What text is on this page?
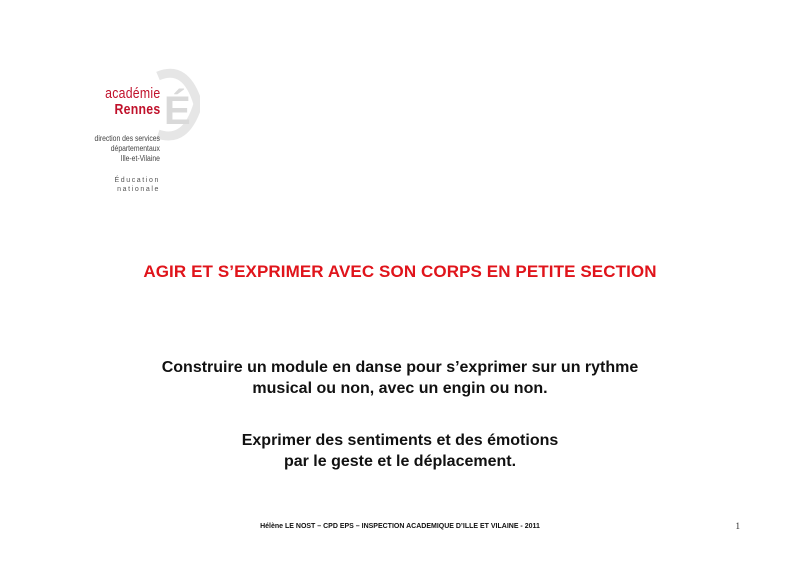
É
académie
Rennes
direction des services
départementaux
Ille-et-Vilaine
Éducation
nationale
AGIR ET S’EXPRIMER AVEC SON CORPS EN PETITE SECTION
Construire un module en danse pour s’exprimer sur un rythme
musical ou non, avec un engin ou non.
Exprimer des sentiments et des émotions
par le geste et le déplacement.
Hélène LE NOST – CPD EPS – INSPECTION ACADEMIQUE D’ILLE ET VILAINE - 2011	1
